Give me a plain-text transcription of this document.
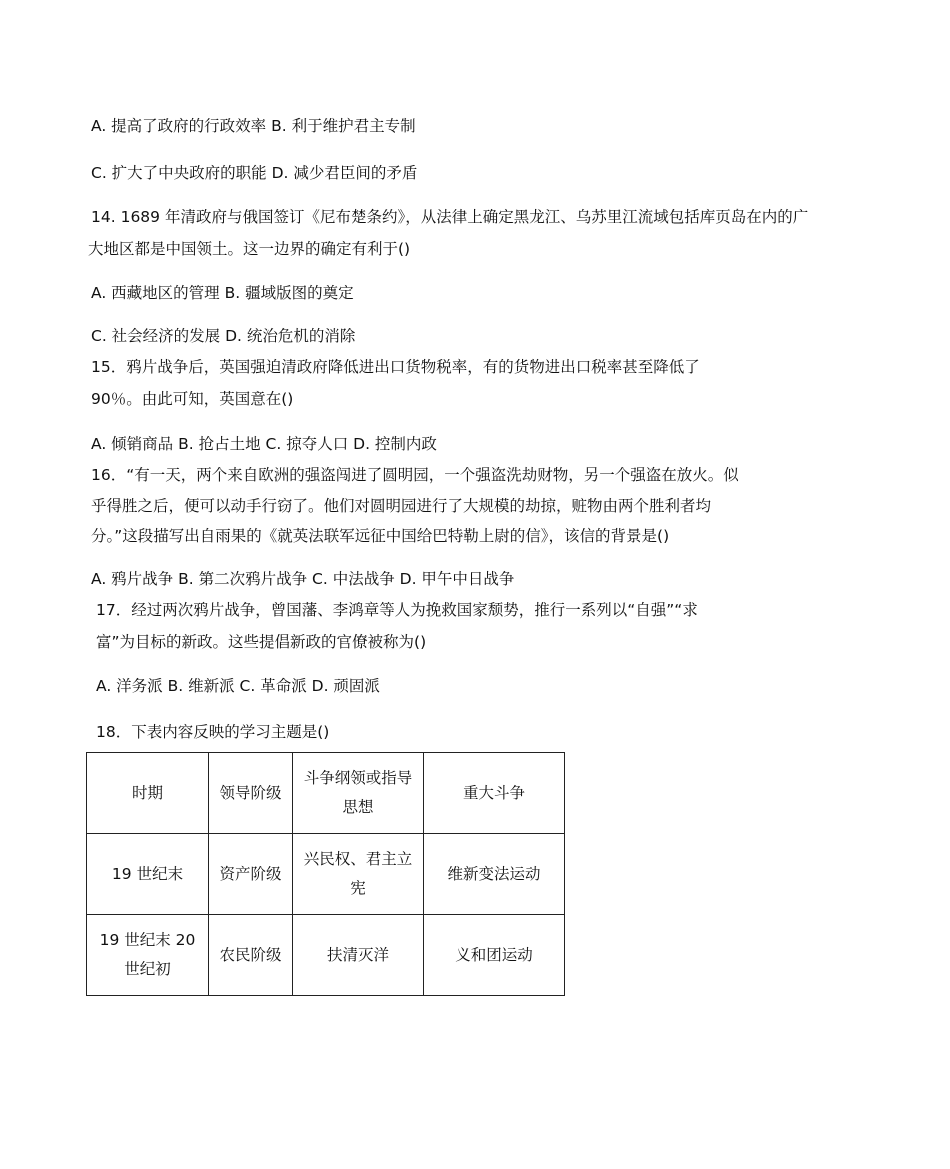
A. 提高了政府的行政效率 B. 利于维护君主专制
C. 扩大了中央政府的职能 D. 减少君臣间的矛盾
14. 1689 年清政府与俄国签订《尼布楚条约》，从法律上确定黑龙江、乌苏里江流域包括库页岛在内的广
大地区都是中国领土。这一边界的确定有利于()
A. 西藏地区的管理 B. 疆域版图的奠定
C. 社会经济的发展 D. 统治危机的消除
15．鸦片战争后，英国强迫清政府降低进出口货物税率，有的货物进出口税率甚至降低了
90％。由此可知，英国意在()
A. 倾销商品 B. 抢占土地 C. 掠夺人口 D. 控制内政
16．“有一天，两个来自欧洲的强盗闯进了圆明园，一个强盗洗劫财物，另一个强盗在放火。似
乎得胜之后，便可以动手行窃了。他们对圆明园进行了大规模的劫掠，赃物由两个胜利者均
分。”这段描写出自雨果的《就英法联军远征中国给巴特勒上尉的信》，该信的背景是()
A. 鸦片战争 B. 第二次鸦片战争 C. 中法战争 D. 甲午中日战争
17．经过两次鸦片战争，曾国藩、李鸿章等人为挽救国家颓势，推行一系列以“自强”“求
富”为目标的新政。这些提倡新政的官僚被称为()
A. 洋务派 B. 维新派 C. 革命派 D. 顽固派
18．下表内容反映的学习主题是()
时期	领导阶级	斗争纲领或指导思想	重大斗争
19 世纪末	资产阶级	兴民权、君主立宪	维新变法运动
19 世纪末 20 世纪初	农民阶级	扶清灭洋	义和团运动
